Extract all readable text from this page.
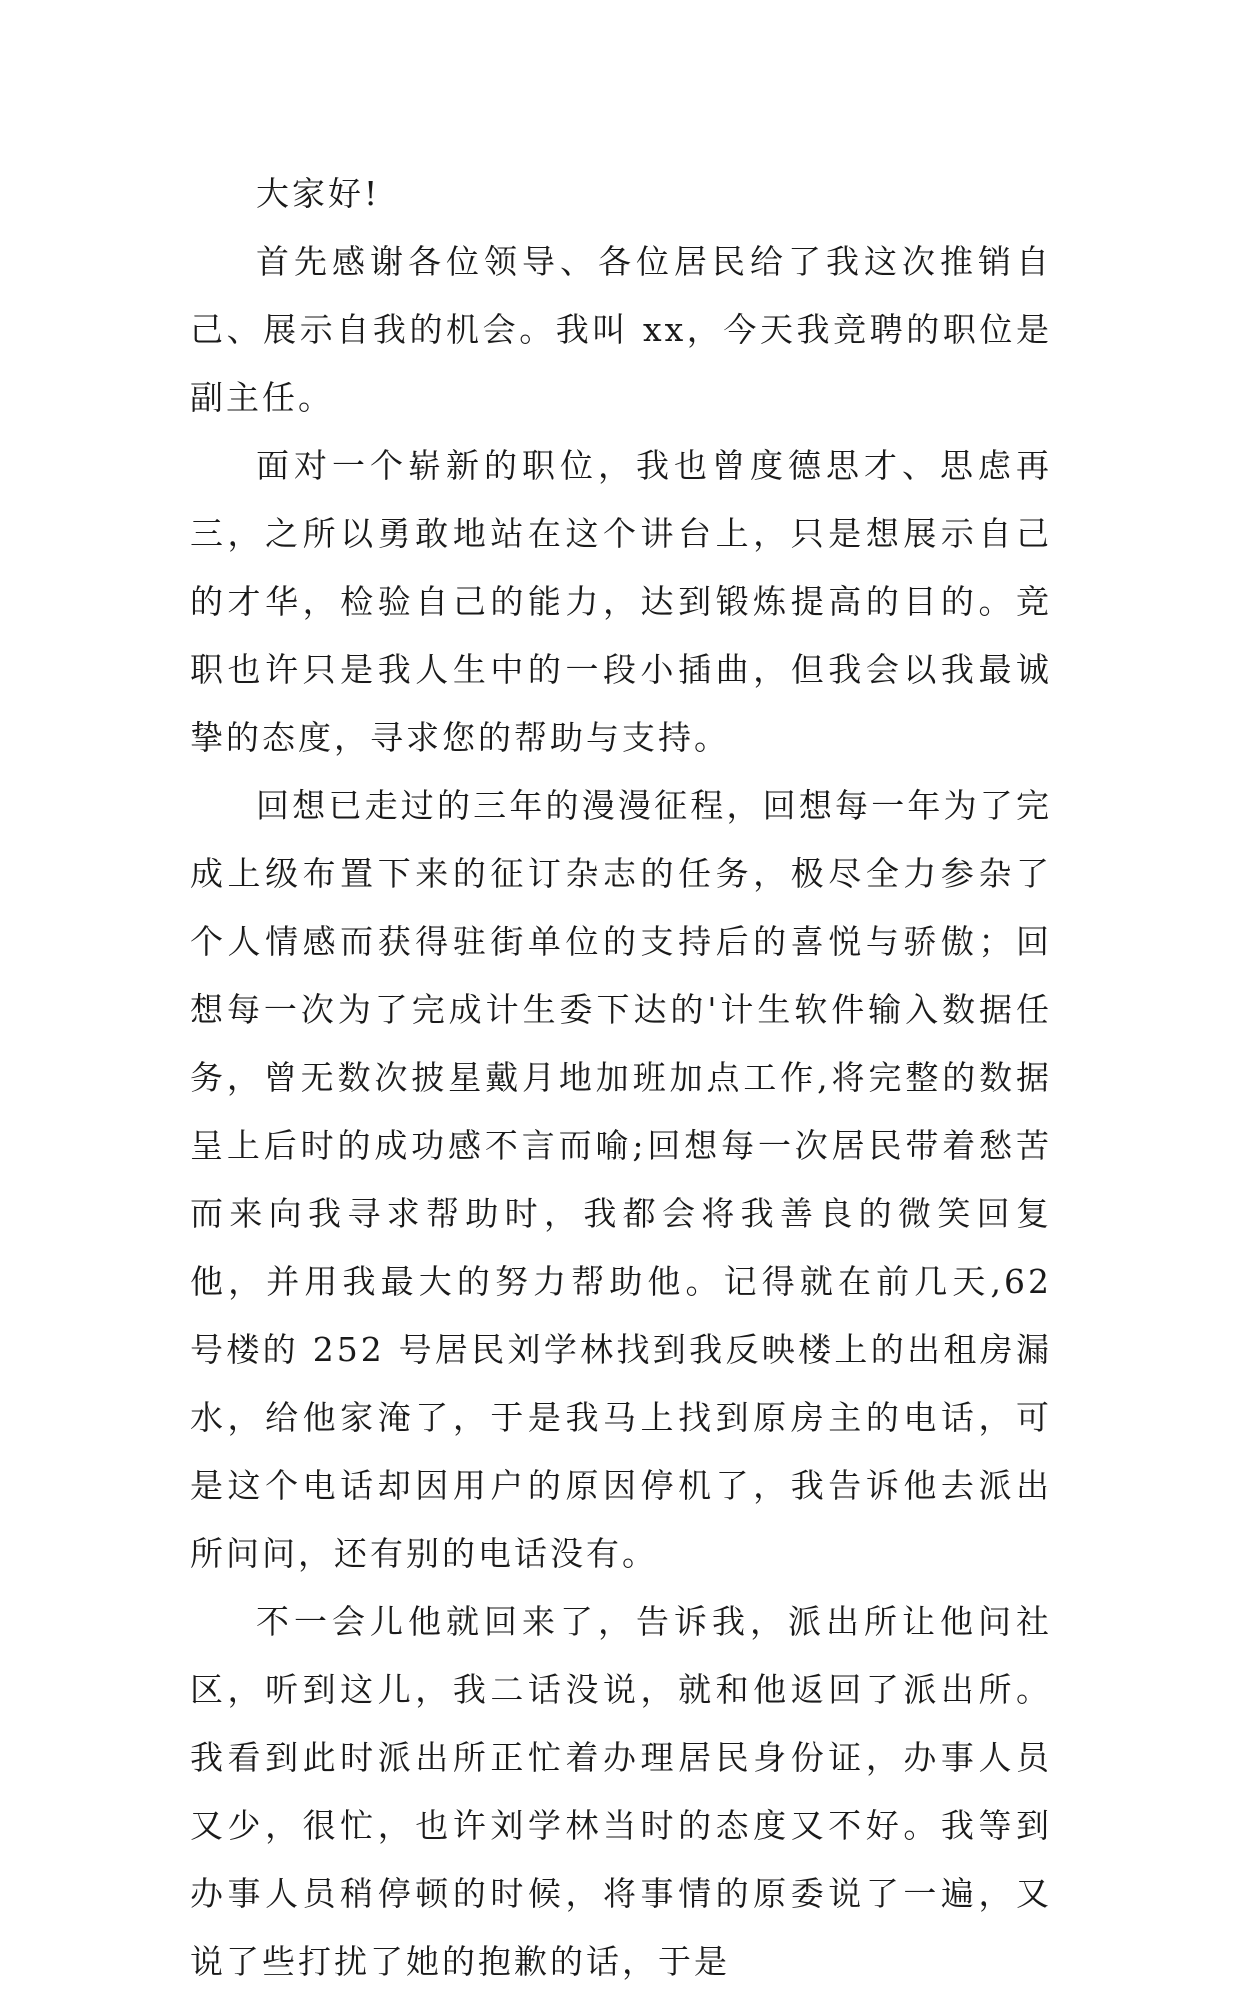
大家好!

首先感谢各位领导、各位居民给了我这次推销自己、展示自我的机会。我叫 xx，今天我竞聘的职位是副主任。

面对一个崭新的职位，我也曾度德思才、思虑再三，之所以勇敢地站在这个讲台上，只是想展示自己的才华，检验自己的能力，达到锻炼提高的目的。竞职也许只是我人生中的一段小插曲，但我会以我最诚挚的态度，寻求您的帮助与支持。

回想已走过的三年的漫漫征程，回想每一年为了完成上级布置下来的征订杂志的任务，极尽全力参杂了个人情感而获得驻街单位的支持后的喜悦与骄傲；回想每一次为了完成计生委下达的'计生软件输入数据任务，曾无数次披星戴月地加班加点工作,将完整的数据呈上后时的成功感不言而喻;回想每一次居民带着愁苦而来向我寻求帮助时，我都会将我善良的微笑回复他，并用我最大的努力帮助他。记得就在前几天,62 号楼的 252 号居民刘学林找到我反映楼上的出租房漏水，给他家淹了，于是我马上找到原房主的电话，可是这个电话却因用户的原因停机了，我告诉他去派出所问问，还有别的电话没有。

不一会儿他就回来了，告诉我，派出所让他问社区，听到这儿，我二话没说，就和他返回了派出所。我看到此时派出所正忙着办理居民身份证，办事人员又少，很忙，也许刘学林当时的态度又不好。我等到办事人员稍停顿的时候，将事情的原委说了一遍，又说了些打扰了她的抱歉的话，于是
